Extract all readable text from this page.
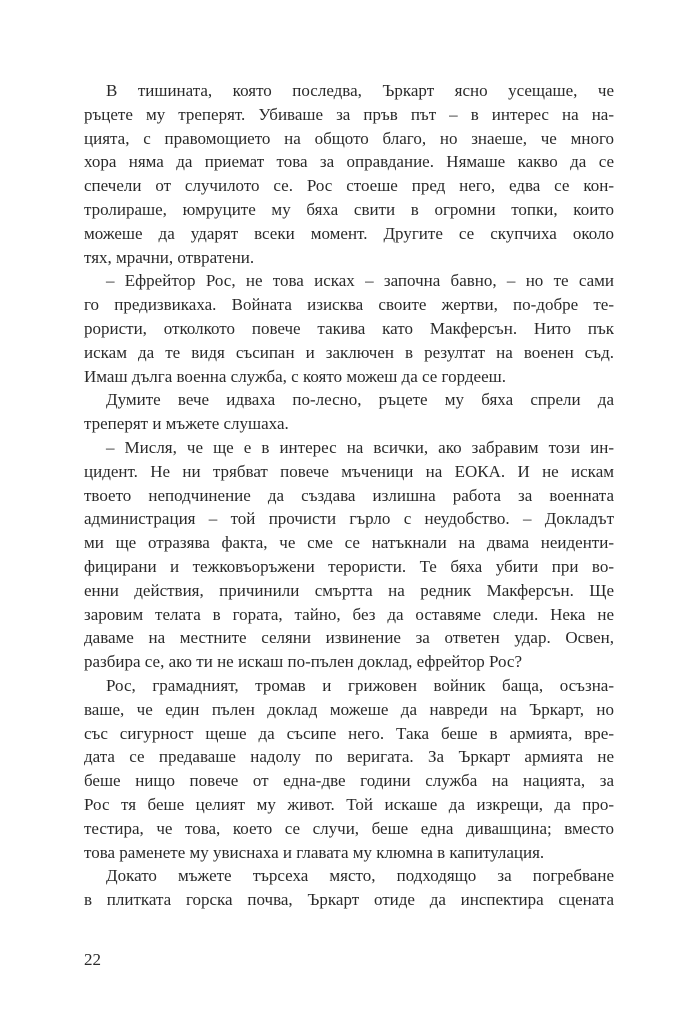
В тишината, която последва, Ъркарт ясно усещаше, че
ръцете му треперят. Убиваше за пръв път – в интерес на на-
цията, с правомощието на общото благо, но знаеше, че много
хора няма да приемат това за оправдание. Нямаше какво да се
спечели от случилото се. Рос стоеше пред него, едва се кон-
тролираше, юмруците му бяха свити в огромни топки, които
можеше да ударят всеки момент. Другите се скупчиха около
тях, мрачни, отвратени.
– Ефрейтор Рос, не това исках – започна бавно, – но те сами
го предизвикаха. Войната изисква своите жертви, по-добре те-
рористи, отколкото повече такива като Макферсън. Нито пък
искам да те видя съсипан и заключен в резултат на военен съд.
Имаш дълга военна служба, с която можеш да се гордееш.
Думите вече идваха по-лесно, ръцете му бяха спрели да
треперят и мъжете слушаха.
– Мисля, че ще е в интерес на всички, ако забравим този ин-
цидент. Не ни трябват повече мъченици на ЕОКА. И не искам
твоето неподчинение да създава излишна работа за военната
администрация – той прочисти гърло с неудобство. – Докладът
ми ще отразява факта, че сме се натъкнали на двама неиденти-
фицирани и тежковъоръжени терористи. Те бяха убити при во-
енни действия, причинили смъртта на редник Макферсън. Ще
заровим телата в гората, тайно, без да оставяме следи. Нека не
даваме на местните селяни извинение за ответен удар. Освен,
разбира се, ако ти не искаш по-пълен доклад, ефрейтор Рос?
Рос, грамадният, тромав и грижовен войник баща, осъзна-
ваше, че един пълен доклад можеше да навреди на Ъркарт, но
със сигурност щеше да съсипе него. Така беше в армията, вре-
дата се предаваше надолу по веригата. За Ъркарт армията не
беше нищо повече от една-две години служба на нацията, за
Рос тя беше целият му живот. Той искаше да изкрещи, да про-
тестира, че това, което се случи, беше една дивашцина; вместо
това раменете му увиснаха и главата му клюмна в капитулация.
Докато мъжете търсеха място, подходящо за погребване
в плитката горска почва, Ъркарт отиде да инспектира сцената
22
